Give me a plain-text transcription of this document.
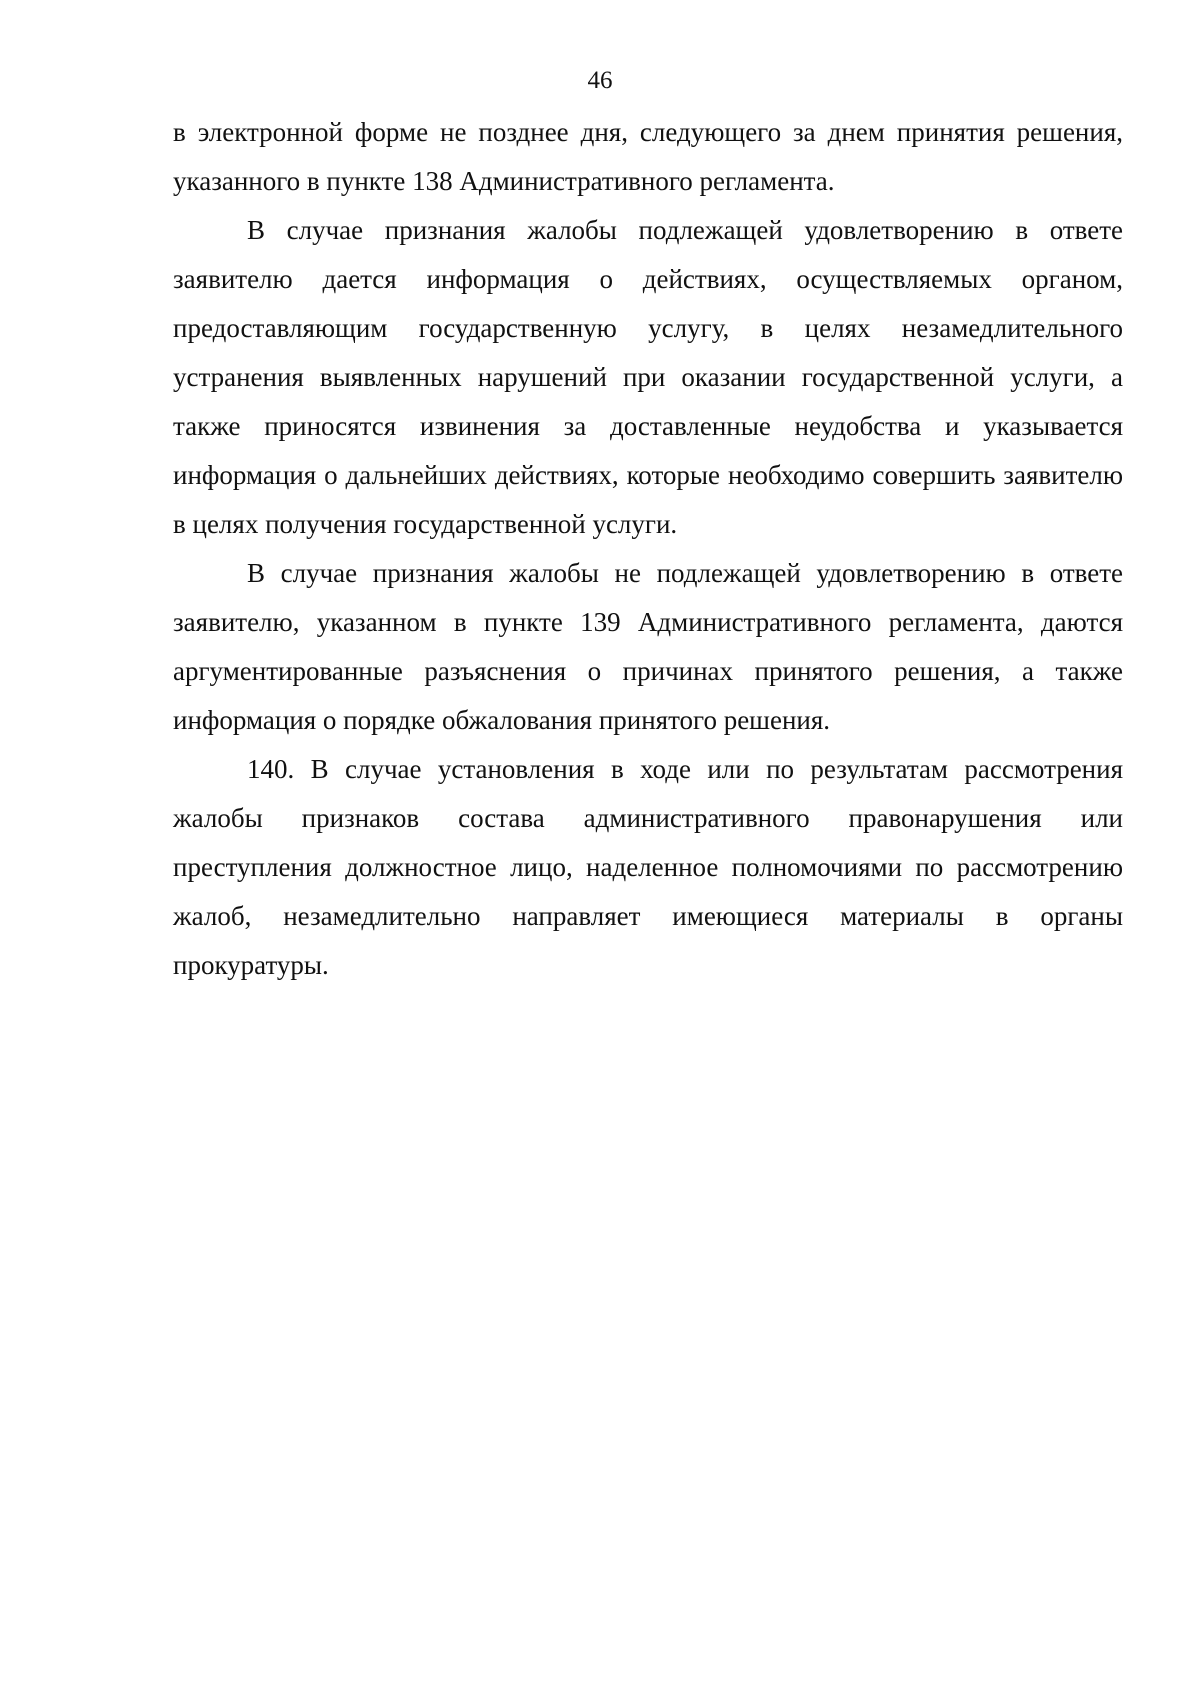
46

в электронной форме не позднее дня, следующего за днем принятия решения, указанного в пункте 138 Административного регламента.

В случае признания жалобы подлежащей удовлетворению в ответе заявителю дается информация о действиях, осуществляемых органом, предоставляющим государственную услугу, в целях незамедлительного устранения выявленных нарушений при оказании государственной услуги, а также приносятся извинения за доставленные неудобства и указывается информация о дальнейших действиях, которые необходимо совершить заявителю в целях получения государственной услуги.

В случае признания жалобы не подлежащей удовлетворению в ответе заявителю, указанном в пункте 139 Административного регламента, даются аргументированные разъяснения о причинах принятого решения, а также информация о порядке обжалования принятого решения.

140. В случае установления в ходе или по результатам рассмотрения жалобы признаков состава административного правонарушения или преступления должностное лицо, наделенное полномочиями по рассмотрению жалоб, незамедлительно направляет имеющиеся материалы в органы прокуратуры.
